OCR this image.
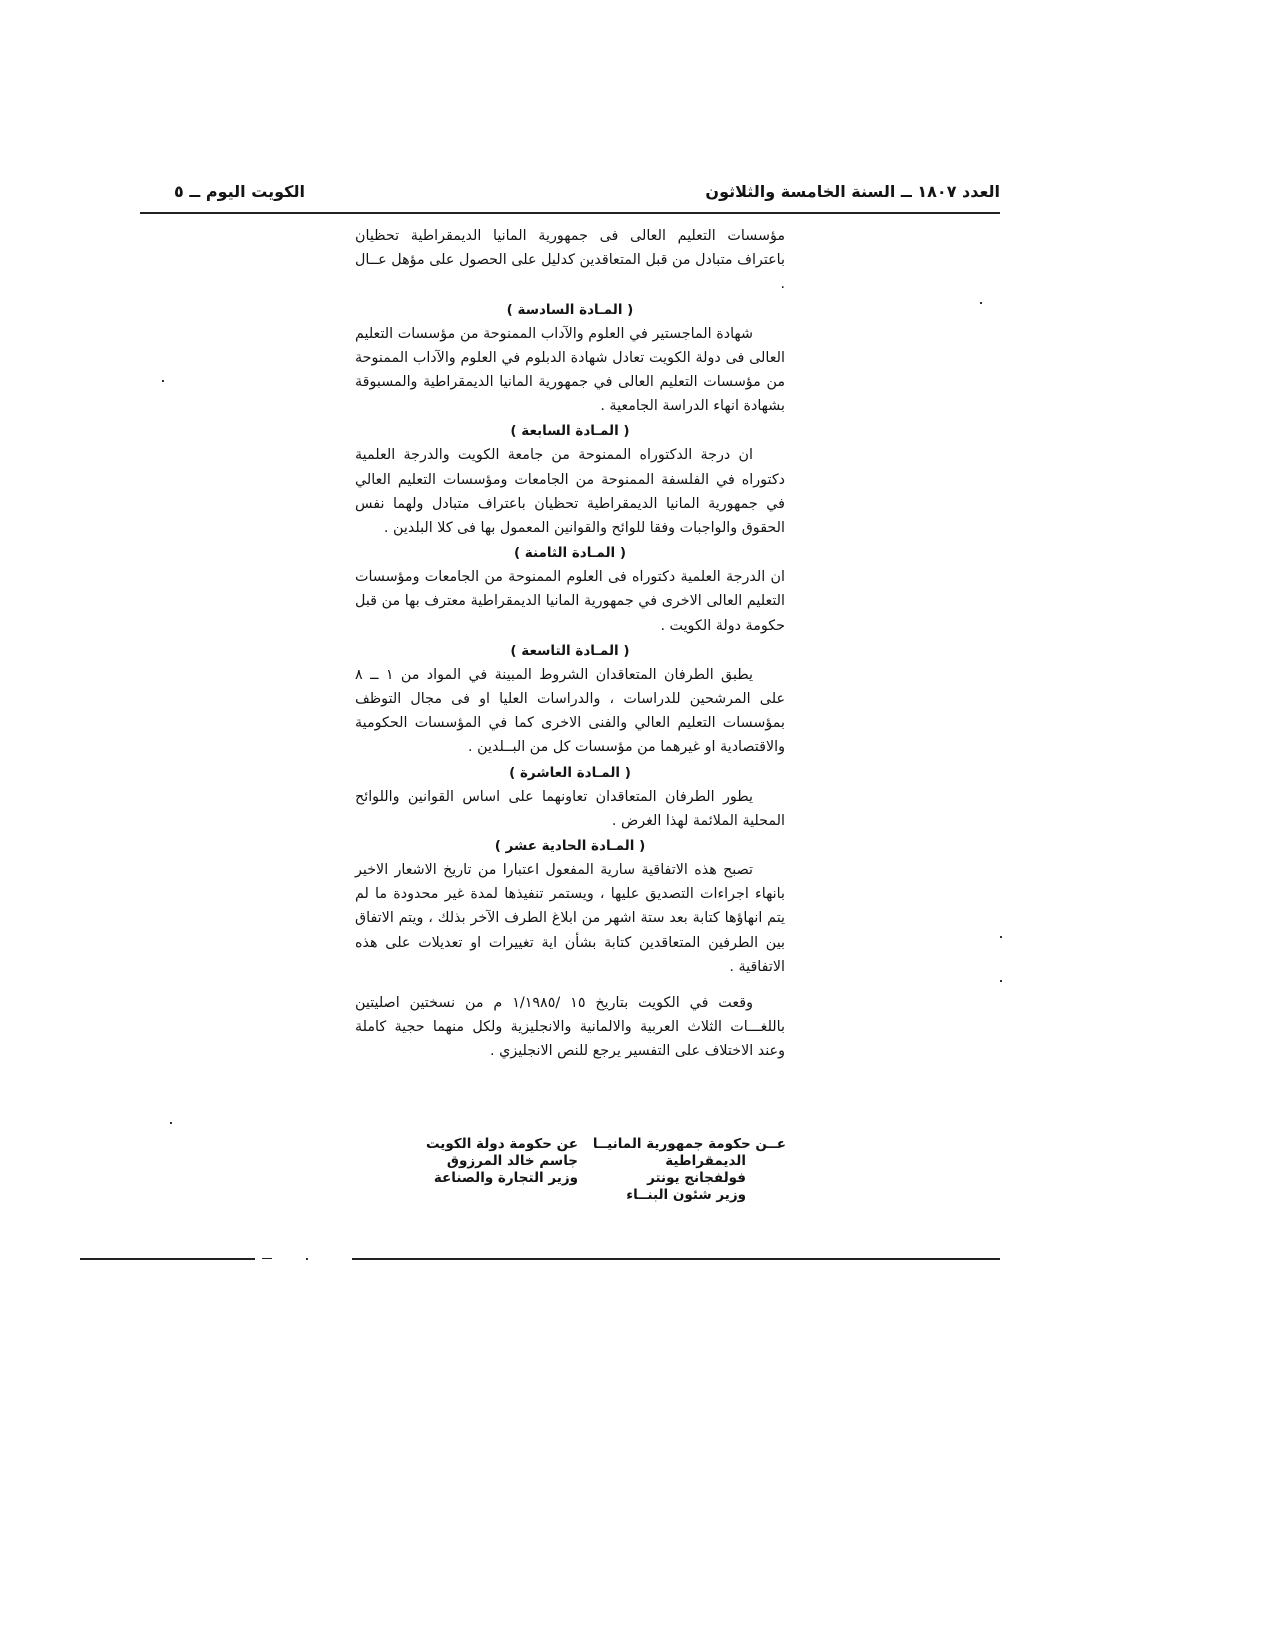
العدد ١٨٠٧ ــ السنة الخامسة والثلاثون
الكويت اليوم ــ ٥

مؤسسات التعليم العالى فى جمهورية المانيا الديمقراطية تحظيان باعتراف متبادل من قبل المتعاقدين كدليل على الحصول على مؤهل عــال .

( المـادة السادسة )

شهادة الماجستير في العلوم والآداب الممنوحة من مؤسسات التعليم العالى فى دولة الكويت تعادل شهادة الدبلوم في العلوم والآداب الممنوحة من مؤسسات التعليم العالى في جمهورية المانيا الديمقراطية والمسبوقة بشهادة انهاء الدراسة الجامعية .

( المـادة السابعة )

ان درجة الدكتوراه الممنوحة من جامعة الكويت والدرجة العلمية دكتوراه في الفلسفة الممنوحة من الجامعات ومؤسسات التعليم العالي في جمهورية المانيا الديمقراطية تحظيان باعتراف متبادل ولهما نفس الحقوق والواجبات وفقا للوائح والقوانين المعمول بها فى كلا البلدين .

( المـادة الثامنة )

ان الدرجة العلمية دكتوراه فى العلوم الممنوحة من الجامعات ومؤسسات التعليم العالى الاخرى في جمهورية المانيا الديمقراطية معترف بها من قبل حكومة دولة الكويت .

( المـادة التاسعة )

يطبق الطرفان المتعاقدان الشروط المبينة في المواد من ١ ــ ٨ على المرشحين للدراسات ، والدراسات العليا او فى مجال التوظف بمؤسسات التعليم العالي والفنى الاخرى كما في المؤسسات الحكومية والاقتصادية او غيرهما من مؤسسات كل من البــلدين .

( المـادة العاشرة )

يطور الطرفان المتعاقدان تعاونهما على اساس القوانين واللوائح المحلية الملائمة لهذا الغرض .

( المـادة الحادية عشر )

تصبح هذه الاتفاقية سارية المفعول اعتبارا من تاريخ الاشعار الاخير بانهاء اجراءات التصديق عليها ، ويستمر تنفيذها لمدة غير محدودة ما لم يتم انهاؤها كتابة بعد ستة اشهر من ابلاغ الطرف الآخر بذلك ، ويتم الاتفاق بين الطرفين المتعاقدين كتابة بشأن اية تغييرات او تعديلات على هذه الاتفاقية .

وقعت في الكويت بتاريخ ١٥ /١/١٩٨٥ م من نسختين اصليتين باللغـــات الثلاث العربية والالمانية والانجليزية ولكل منهما حجية كاملة وعند الاختلاف على التفسير يرجع للنص الانجليزي .

عــن حكومة جمهورية المانيــا
الديمقراطية
فولفجانج يونتر
وزير شئون البنــاء
عن حكومة دولة الكويت
جاسم خالد المرزوق
وزير التجارة والصناعة
